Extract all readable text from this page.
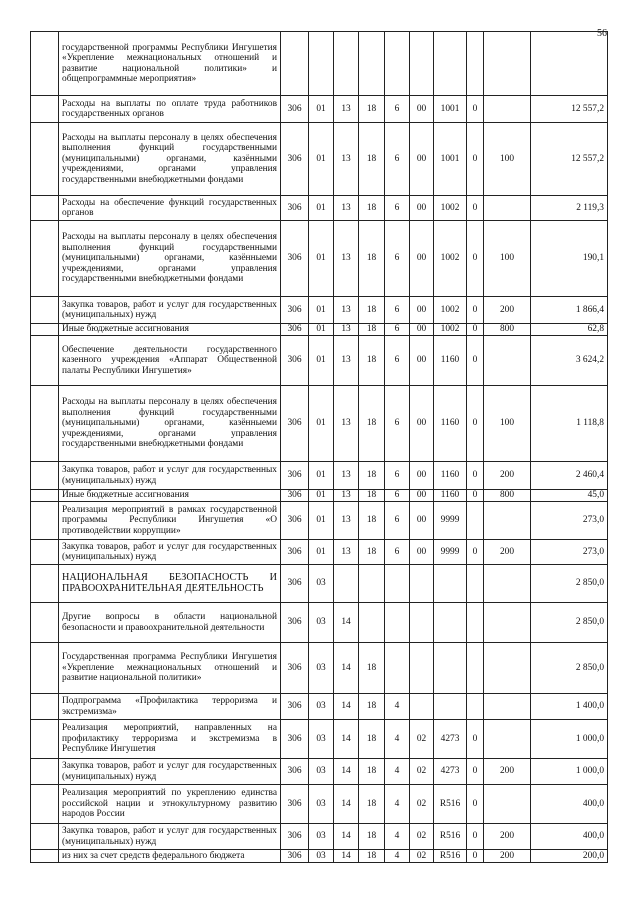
56
	государственной программы Республики Ингушетия «Укрепление межнациональных отношений и развитие национальной политики» и общепрограммные мероприятия»										
	Расходы на выплаты по оплате труда работников государственных органов	306	01	13	18	6	00	1001	0		12 557,2
	Расходы на выплаты персоналу в целях обеспечения выполнения функций государственными (муниципальными) органами, казёнными учреждениями, органами управления государственными внебюджетными фондами	306	01	13	18	6	00	1001	0	100	12 557,2
	Расходы на обеспечение функций государственных органов	306	01	13	18	6	00	1002	0		2 119,3
	Расходы на выплаты персоналу в целях обеспечения выполнения функций государственными (муниципальными) органами, казённыеми учреждениями, органами управления государственными внебюджетными фондами	306	01	13	18	6	00	1002	0	100	190,1
	Закупка товаров, работ и услуг для государственных (муниципальных) нужд	306	01	13	18	6	00	1002	0	200	1 866,4
	Иные бюджетные ассигнования	306	01	13	18	6	00	1002	0	800	62,8
	Обеспечение деятельности государственного казенного учреждения «Аппарат Общественной палаты Республики Ингушетия»	306	01	13	18	6	00	1160	0		3 624,2
	Расходы на выплаты персоналу в целях обеспечения выполнения функций государственными (муниципальными) органами, казённыеми учреждениями, органами управления государственными внебюджетными фондами	306	01	13	18	6	00	1160	0	100	1 118,8
	Закупка товаров, работ и услуг для государственных (муниципальных) нужд	306	01	13	18	6	00	1160	0	200	2 460,4
	Иные бюджетные ассигнования	306	01	13	18	6	00	1160	0	800	45,0
	Реализация мероприятий в рамках государственной программы Республики Ингушетия «О противодействии коррупции»	306	01	13	18	6	00	9999			273,0
	Закупка товаров, работ и услуг для государственных (муниципальных) нужд	306	01	13	18	6	00	9999	0	200	273,0
	НАЦИОНАЛЬНАЯ БЕЗОПАСНОСТЬ И ПРАВООХРАНИТЕЛЬНАЯ ДЕЯТЕЛЬНОСТЬ	306	03								2 850,0
	Другие вопросы в области национальной безопасности и правоохранительной деятельности	306	03	14							2 850,0
	Государственная программа Республики Ингушетия «Укрепление межнациональных отношений и развитие национальной политики»	306	03	14	18						2 850,0
	Подпрограмма «Профилактика терроризма и экстремизма»	306	03	14	18	4					1 400,0
	Реализация мероприятий, направленных на профилактику терроризма и экстремизма в Республике Ингушетия	306	03	14	18	4	02	4273	0		1 000,0
	Закупка товаров, работ и услуг для государственных (муниципальных) нужд	306	03	14	18	4	02	4273	0	200	1 000,0
	Реализация мероприятий по укреплению единства российской нации и этнокультурному развитию народов России	306	03	14	18	4	02	R516	0		400,0
	Закупка товаров, работ и услуг для государственных (муниципальных) нужд	306	03	14	18	4	02	R516	0	200	400,0
	из них за счет средств федерального бюджета	306	03	14	18	4	02	R516	0	200	200,0
